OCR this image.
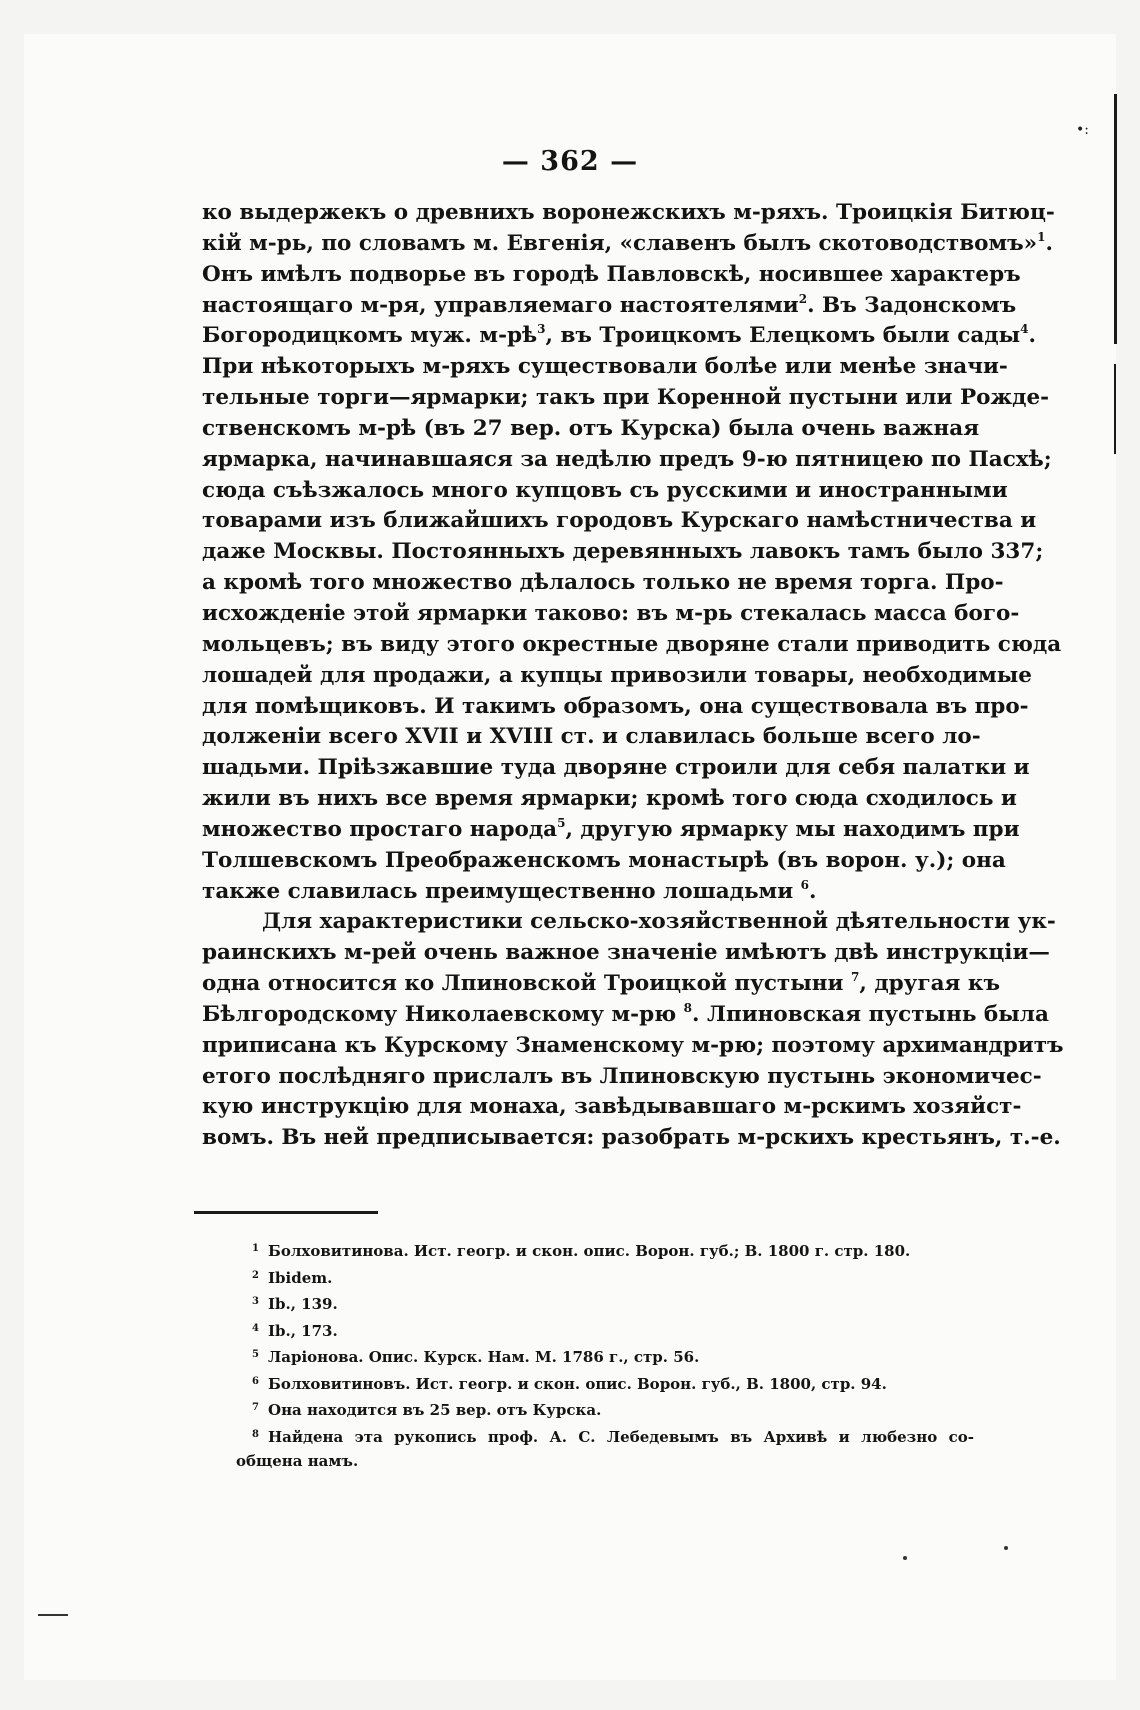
•:
— 362 —
ко выдержекъ о древнихъ воронежскихъ м-ряхъ. Троицкія Битюц-
кій м-рь, по словамъ м. Евгенія, «славенъ былъ скотоводствомъ»$^1$.
Онъ имѣлъ подворье въ городѣ Павловскѣ, носившее характеръ
настоящаго м-ря, управляемаго настоятелями$^2$. Въ Задонскомъ
Богородицкомъ муж. $м-рѣ^3$, въ Троицкомъ Елецкомъ были сады$^4$.
При нѣкоторыхъ м-ряхъ существовали болѣе или менѣе значи-
тельные торги—ярмарки; такъ при Коренной пустыни или Рожде-
ственскомъ м-рѣ (въ 27 вер. отъ Курска) была очень важная
ярмарка, начинавшаяся за недѣлю предъ 9-ю пятницею по Пасхѣ;
сюда съѣзжалось много купцовъ съ русскими и иностранными
товарами изъ ближайшихъ городовъ Курскаго намѣстничества и
даже Москвы. Постоянныхъ деревянныхъ лавокъ тамъ было 337;
а кромѣ того множество дѣлалось только не время торга. Про-
исхожденіе этой ярмарки таково: въ м-рь стекалась масса бого-
мольцевъ; въ виду этого окрестные дворяне стали приводить сюда
лошадей для продажи, а купцы привозили товары, необходимые
для помѣщиковъ. И такимъ образомъ, она существовала въ про-
долженіи всего XVII и XVIII ст. и славилась больше всего ло-
шадьми. Пріѣзжавшие туда дворяне строили для себя палатки и
жили въ нихъ все время ярмарки; кромѣ того сюда сходилось и
множество простаго народа$^5$, другую ярмарку мы находимъ при
Толшевскомъ Преображенскомъ монастырѣ (въ ворон. у.); она
также славилась преимущественно лошадьми $^6$.
Для характеристики сельско-хозяйственной дѣятельности ук-
раинскихъ м-рей очень важное значеніе имѣютъ двѣ инструкціи—
одна относится ко Лпиновской Троицкой пустыни $^7$, другая къ
Бѣлгородскому Николаевскому м-рю $^8$. Лпиновская пустынь была
приписана къ Курскому Знаменскому м-рю; поэтому архимандритъ
етого послѣдняго прислалъ въ Лпиновскую пустынь экономичес-
кую инструкцію для монаха, завѣдывавшаго м-рскимъ хозяйст-
вомъ. Въ ней предписывается: разобрать м-рскихъ крестьянъ, т.-е.
1 Болховитинова. Ист. геогр. и скон. опис. Ворон. губ.; В. 1800 г. стр. 180.
2 Ibidem.
3 Ib., 139.
4 Ib., 173.
5 Ларіонова. Опис. Курск. Нам. М. 1786 г., стр. 56.
6 Болховитиновъ. Ист. геогр. и скон. опис. Ворон. губ., В. 1800, стр. 94.
7 Она находится въ 25 вер. отъ Курска.
8 Найдена эта рукопись проф. А. С. Лебедевымъ въ Архивѣ и любезно со-
общена намъ.
